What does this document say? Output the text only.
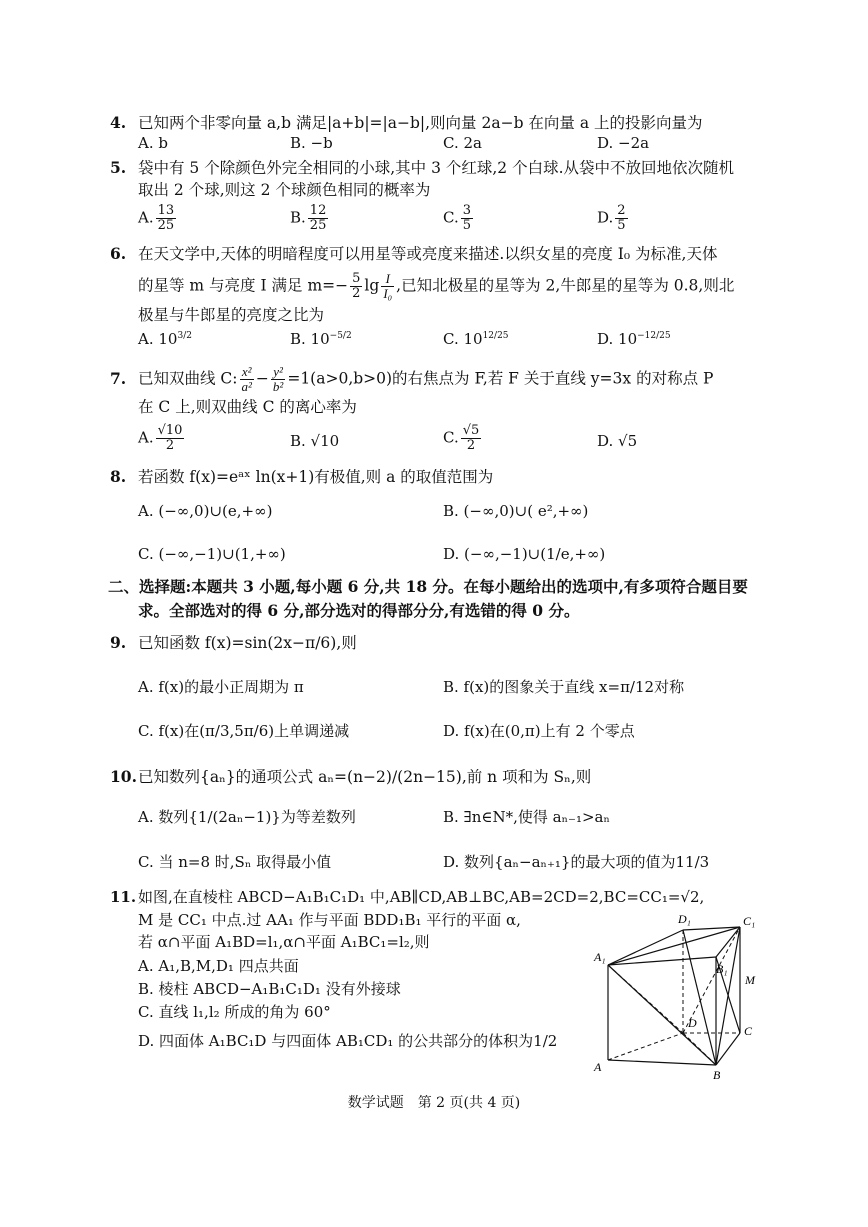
4. 已知两个非零向量 a,b 满足|a+b|=|a−b|,则向量 2a−b 在向量 a 上的投影向量为
A. b	B. −b	C. 2a	D. −2a
5. 袋中有 5 个除颜色外完全相同的小球,其中 3 个红球,2 个白球.从袋中不放回地依次随机
取出 2 个球,则这 2 个球颜色相同的概率为
A. $\frac{13}{25}$	B. $\frac{12}{25}$	C. $\frac{3}{5}$	D. $\frac{2}{5}$
6. 在天文学中,天体的明暗程度可以用星等或亮度来描述.以织女星的亮度 I₀ 为标准,天体
的星等 m 与亮度 I 满足 $m=- \frac{5}{2}$ $\lg \frac{I}{\text{I₀}}$ ,已知北极星的星等为 2,牛郎星的星等为 0.8,则北
极星与牛郎星的亮度之比为
A. $10^{3/2}$	B. $10^{-5/2}$	C. $10^{12/25}$	D. $10^{-12/25}$
7. 已知双曲线 C: $\frac{\text{x²}}{\text{a²}} - \frac{\text{y²}}{\text{b²}} =1(a>0,b>0)$的右焦点为 F,若 F 关于直线 y=3x 的对称点 P
在 C 上,则双曲线 C 的离心率为
A. $\frac{√10}{2}$	B. √10	C. $\frac{√5}{2}$	D. √5
8. 若函数 f(x)=eᵃˣ ln(x+1)有极值,则 a 的取值范围为
A. (−∞,0)∪(e,+∞)	B. (−∞,0)∪( e²,+∞)
C. (−∞,−1)∪(1,+∞)	D. (−∞,−1)∪(1/e,+∞)
二、选择题:本题共 3 小题,每小题 6 分,共 18 分。在每小题给出的选项中,有多项符合题目要
求。全部选对的得 6 分,部分选对的得部分分,有选错的得 0 分。
9. 已知函数 f(x)=sin(2x−π/6),则
A. f(x)的最小正周期为 π	B. f(x)的图象关于直线 x=π/12对称
C. f(x)在(π/3,5π/6)上单调递减	D. f(x)在(0,π)上有 2 个零点
10.已知数列{aₙ}的通项公式 aₙ=(n−2)/(2n−15),前 n 项和为 Sₙ,则
A. 数列{1/(2aₙ−1)}为等差数列	B. ∃n∈N*,使得 aₙ₋₁>aₙ
C. 当 n=8 时,Sₙ 取得最小值	D. 数列{aₙ−aₙ₊₁}的最大项的值为11/3
11. 如图,在直棱柱 ABCD−A₁B₁C₁D₁ 中,AB∥CD,AB⊥BC,AB=2CD=2,BC=CC₁=√2,
M 是 CC₁ 中点.过 AA₁ 作与平面 BDD₁B₁ 平行的平面 α,
若 α∩平面 A₁BD=l₁,α∩平面 A₁BC₁=l₂,则
A. A₁,B,M,D₁ 四点共面
B. 棱柱 ABCD−A₁B₁C₁D₁ 没有外接球
C. 直线 l₁,l₂ 所成的角为 60°
D. 四面体 A₁BC₁D 与四面体 AB₁CD₁ 的公共部分的体积为1/2
A₁
B₁
C₁
D₁
A
B
C
D
M
数学试题　第 2 页(共 4 页)
